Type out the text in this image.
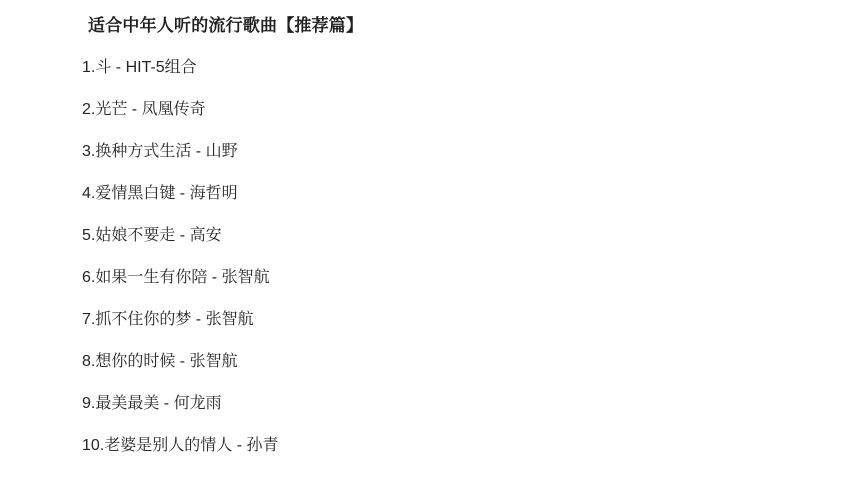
适合中年人听的流行歌曲【推荐篇】

1.斗 - HIT-5组合

2.光芒 - 凤凰传奇

3.换种方式生活 - 山野

4.爱情黑白键 - 海哲明

5.姑娘不要走 - 高安

6.如果一生有你陪 - 张智航

7.抓不住你的梦 - 张智航

8.想你的时候 - 张智航

9.最美最美 - 何龙雨

10.老婆是别人的情人 - 孙青
